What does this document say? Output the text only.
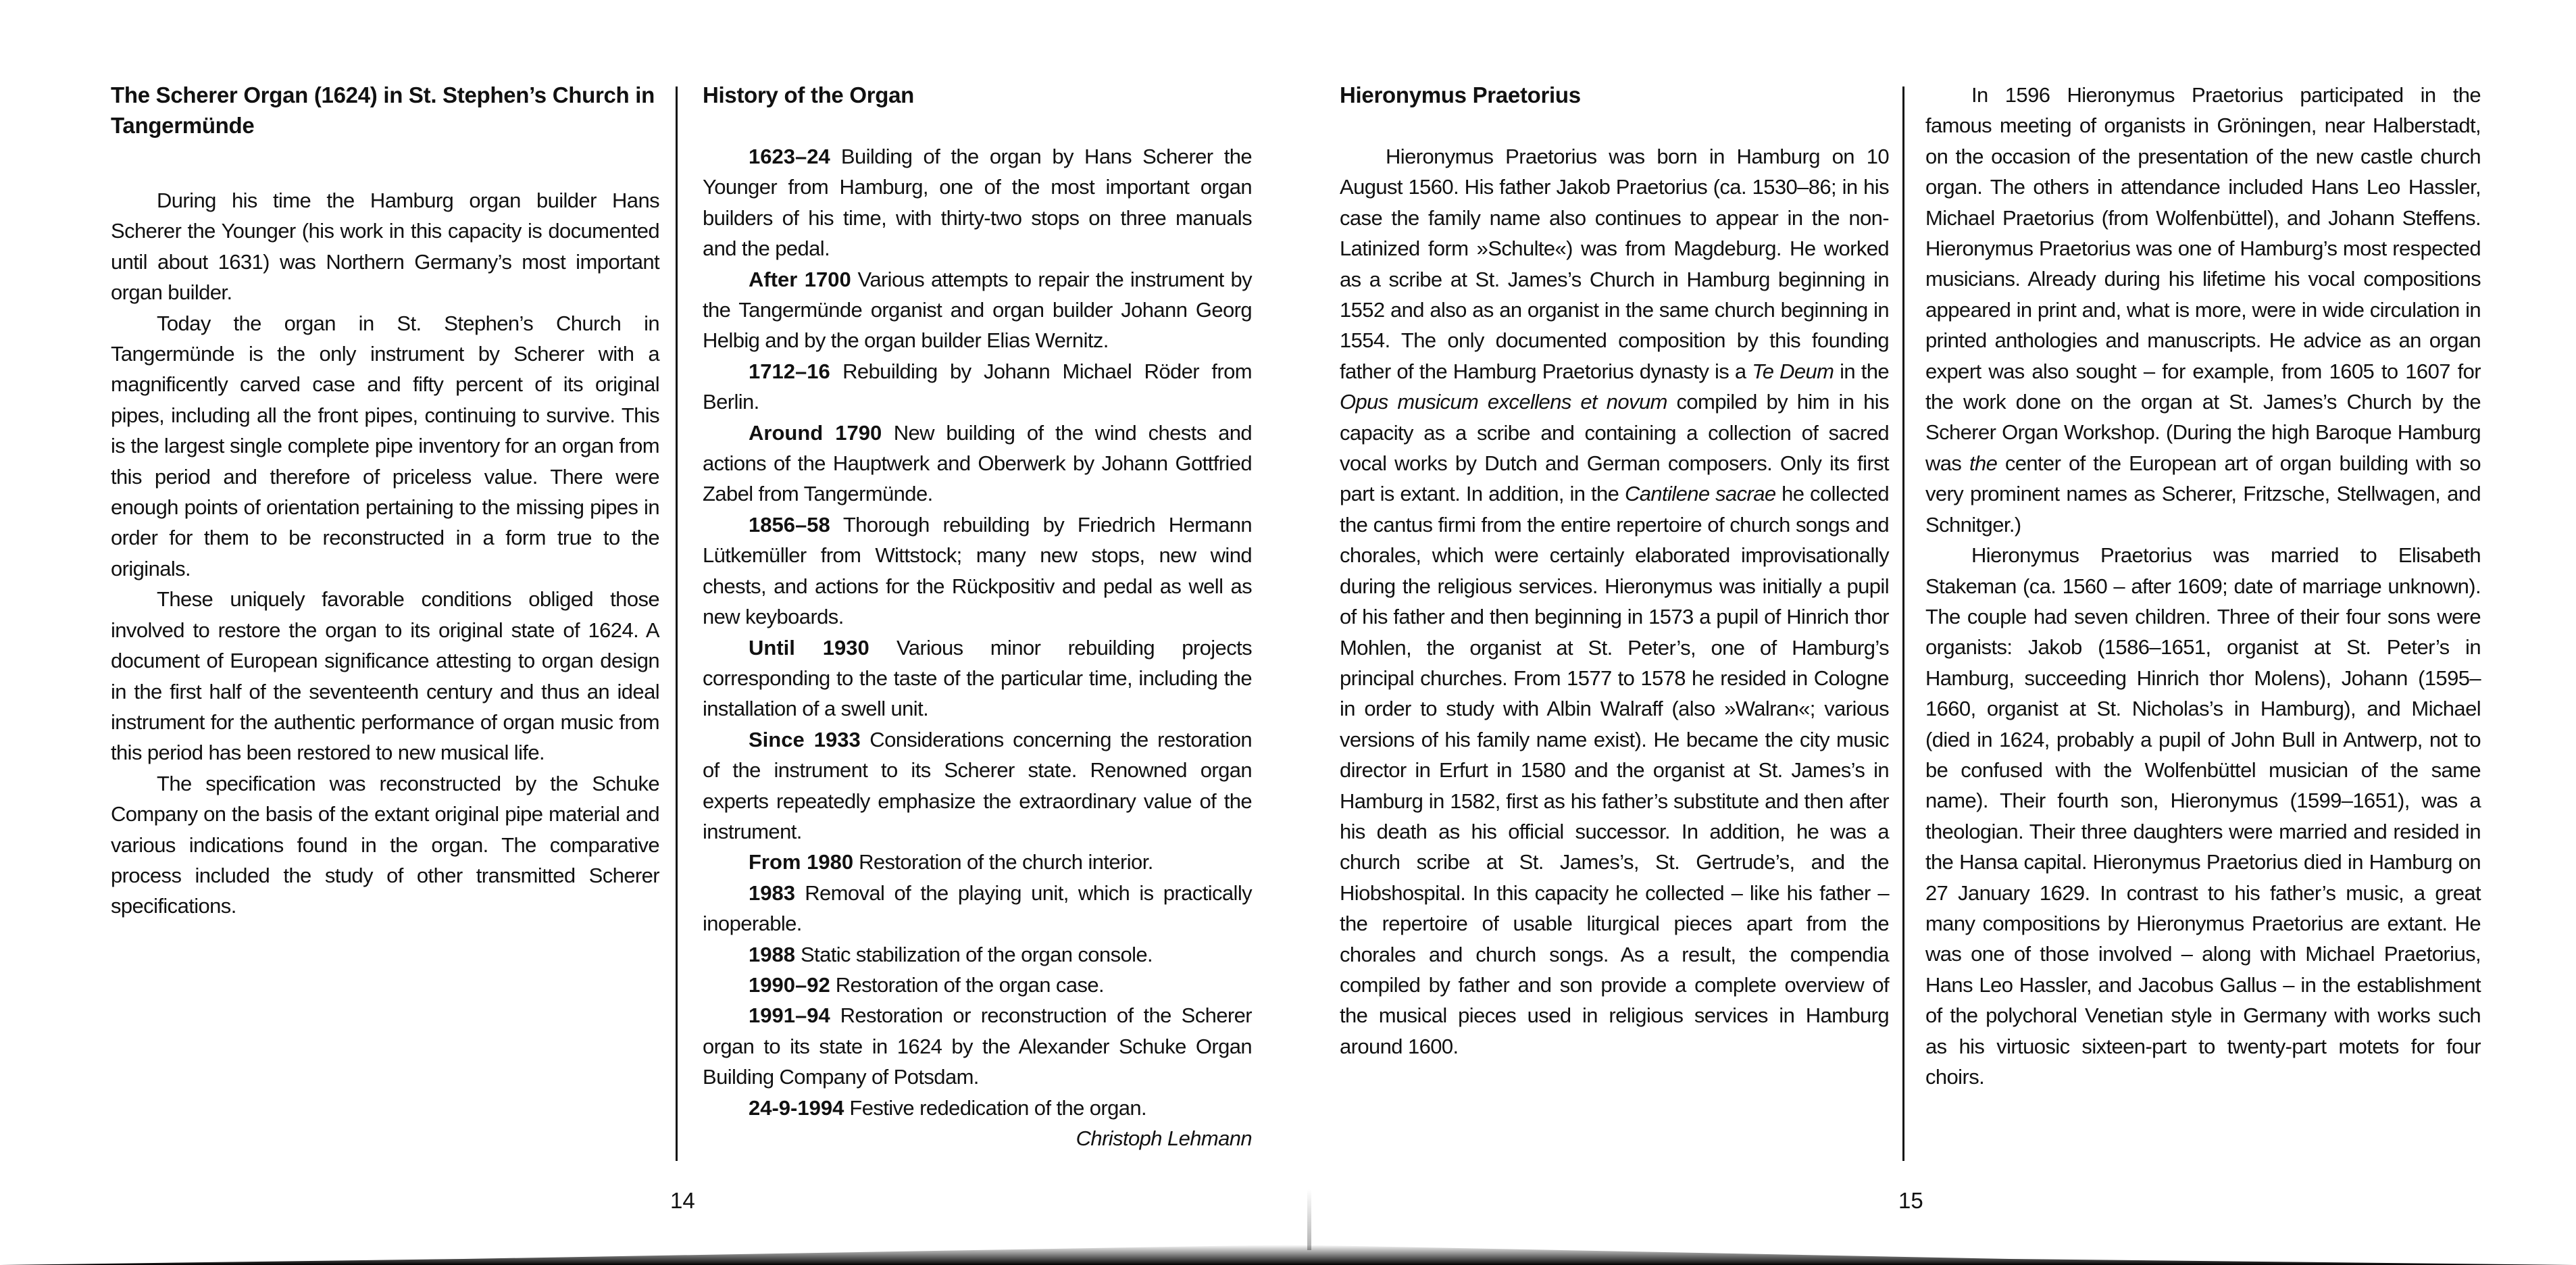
The Scherer Organ (1624) in St. Stephen’s Church in Tangermünde

During his time the Hamburg organ builder Hans Scherer the Younger (his work in this capacity is documented until about 1631) was Northern Germany’s most important organ builder.

Today the organ in St. Stephen’s Church in Tangermünde is the only instrument by Scherer with a magnificently carved case and fifty percent of its original pipes, including all the front pipes, continuing to survive. This is the largest single complete pipe inventory for an organ from this period and therefore of priceless value. There were enough points of orientation pertaining to the missing pipes in order for them to be reconstructed in a form true to the originals.

These uniquely favorable conditions obliged those involved to restore the organ to its original state of 1624. A document of European significance attesting to organ design in the first half of the seventeenth century and thus an ideal instrument for the authentic performance of organ music from this period has been restored to new musical life.

The specification was reconstructed by the Schuke Company on the basis of the extant original pipe material and various indications found in the organ. The comparative process included the study of other transmitted Scherer specifications.

History of the Organ

1623–24 Building of the organ by Hans Scherer the Younger from Hamburg, one of the most important organ builders of his time, with thirty-two stops on three manuals and the pedal.

After 1700 Various attempts to repair the instrument by the Tangermünde organist and organ builder Johann Georg Helbig and by the organ builder Elias Wernitz.

1712–16 Rebuilding by Johann Michael Röder from Berlin.

Around 1790 New building of the wind chests and actions of the Hauptwerk and Oberwerk by Johann Gottfried Zabel from Tangermünde.

1856–58 Thorough rebuilding by Friedrich Hermann Lütkemüller from Wittstock; many new stops, new wind chests, and actions for the Rückpositiv and pedal as well as new keyboards.

Until 1930 Various minor rebuilding projects corresponding to the taste of the particular time, including the installation of a swell unit.

Since 1933 Considerations concerning the restoration of the instrument to its Scherer state. Renowned organ experts repeatedly emphasize the extraordinary value of the instrument.

From 1980 Restoration of the church interior.

1983 Removal of the playing unit, which is practically inoperable.

1988 Static stabilization of the organ console.

1990–92 Restoration of the organ case.

1991–94 Restoration or reconstruction of the Scherer organ to its state in 1624 by the Alexander Schuke Organ Building Company of Potsdam.

24-9-1994 Festive rededication of the organ.

Christoph Lehmann

14
Hieronymus Praetorius

Hieronymus Praetorius was born in Hamburg on 10 August 1560. His father Jakob Praetorius (ca. 1530–86; in his case the family name also continues to appear in the non-Latinized form »Schulte«) was from Magdeburg. He worked as a scribe at St. James’s Church in Hamburg beginning in 1552 and also as an organist in the same church beginning in 1554. The only documented composition by this founding father of the Hamburg Praetorius dynasty is a Te Deum in the Opus musicum excellens et novum compiled by him in his capacity as a scribe and containing a collection of sacred vocal works by Dutch and German composers. Only its first part is extant. In addition, in the Cantilene sacrae he collected the cantus firmi from the entire repertoire of church songs and chorales, which were certainly elaborated improvisationally during the religious services. Hieronymus was initially a pupil of his father and then beginning in 1573 a pupil of Hinrich thor Mohlen, the organist at St. Peter’s, one of Hamburg’s principal churches. From 1577 to 1578 he resided in Cologne in order to study with Albin Walraff (also »Walran«; various versions of his family name exist). He became the city music director in Erfurt in 1580 and the organist at St. James’s in Hamburg in 1582, first as his father’s substitute and then after his death as his official successor. In addition, he was a church scribe at St. James’s, St. Gertrude’s, and the Hiobshospital. In this capacity he collected – like his father – the repertoire of usable liturgical pieces apart from the chorales and church songs. As a result, the compendia compiled by father and son provide a complete overview of the musical pieces used in religious services in Hamburg around 1600.

In 1596 Hieronymus Praetorius participated in the famous meeting of organists in Gröningen, near Halberstadt, on the occasion of the presentation of the new castle church organ. The others in attendance included Hans Leo Hassler, Michael Praetorius (from Wolfenbüttel), and Johann Steffens. Hieronymus Praetorius was one of Hamburg’s most respected musicians. Already during his lifetime his vocal compositions appeared in print and, what is more, were in wide circulation in printed anthologies and manuscripts. He advice as an organ expert was also sought – for example, from 1605 to 1607 for the work done on the organ at St. James’s Church by the Scherer Organ Workshop. (During the high Baroque Hamburg was the center of the European art of organ building with so very prominent names as Scherer, Fritzsche, Stellwagen, and Schnitger.)

Hieronymus Praetorius was married to Elisabeth Stakeman (ca. 1560 – after 1609; date of marriage unknown). The couple had seven children. Three of their four sons were organists: Jakob (1586–1651, organist at St. Peter’s in Hamburg, succeeding Hinrich thor Molens), Johann (1595–1660, organist at St. Nicholas’s in Hamburg), and Michael (died in 1624, probably a pupil of John Bull in Antwerp, not to be confused with the Wolfenbüttel musician of the same name). Their fourth son, Hieronymus (1599–1651), was a theologian. Their three daughters were married and resided in the Hansa capital. Hieronymus Praetorius died in Hamburg on 27 January 1629. In contrast to his father’s music, a great many compositions by Hieronymus Praetorius are extant. He was one of those involved – along with Michael Praetorius, Hans Leo Hassler, and Jacobus Gallus – in the establishment of the polychoral Venetian style in Germany with works such as his virtuosic sixteen-part to twenty-part motets for four choirs.

15
